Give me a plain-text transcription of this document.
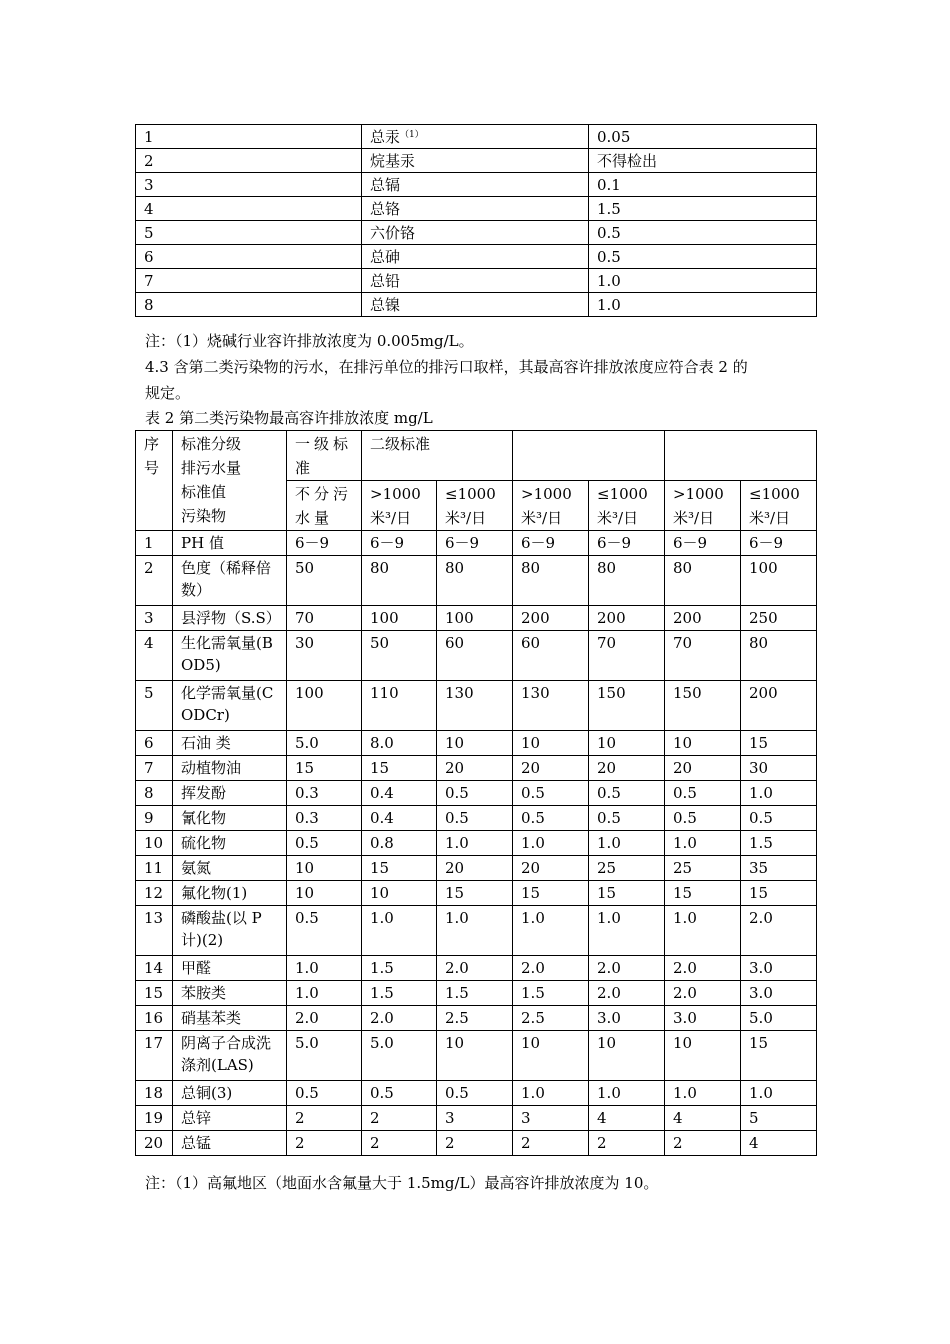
1	总汞$^{(1)}$	0.05
2	烷基汞	不得检出
3	总镉	0.1
4	总铬	1.5
5	六价铬	0.5
6	总砷	0.5
7	总铅	1.0
8	总镍	1.0
注：（1）烧碱行业容许排放浓度为 0.005mg/L。
4.3 含第二类污染物的污水，在排污单位的排污口取样，其最高容许排放浓度应符合表 2 的
规定。
表 2 第二类污染物最高容许排放浓度 mg/L
序号	标准分级
排污水量
标准值
污染物	一级标准	二级标准					

		不分污水量	>1000 米³/日	≤1000 米³/日	>1000 米³/日	≤1000 米³/日	>1000 米³/日	≤1000 米³/日

1	PH 值	6－9	6－9	6－9	6－9	6－9	6－9	6－9
2	色度（稀释倍数）	50	80	80	80	80	80	100
3	县浮物（S.S）	70	100	100	200	200	200	250
4	生化需氧量(BOD5)	30	50	60	60	70	70	80
5	化学需氧量(CODCr)	100	110	130	130	150	150	200
6	石油 类	5.0	8.0	10	10	10	10	15
7	动植物油	15	15	20	20	20	20	30
8	挥发酚	0.3	0.4	0.5	0.5	0.5	0.5	1.0
9	氰化物	0.3	0.4	0.5	0.5	0.5	0.5	0.5
10	硫化物	0.5	0.8	1.0	1.0	1.0	1.0	1.5
11	氨氮	10	15	20	20	25	25	35
12	氟化物(1)	10	10	15	15	15	15	15
13	磷酸盐(以 P 计)(2)	0.5	1.0	1.0	1.0	1.0	1.0	2.0
14	甲醛	1.0	1.5	2.0	2.0	2.0	2.0	3.0
15	苯胺类	1.0	1.5	1.5	1.5	2.0	2.0	3.0
16	硝基苯类	2.0	2.0	2.5	2.5	3.0	3.0	5.0
17	阴离子合成洗涤剂(LAS)	5.0	5.0	10	10	10	10	15
18	总铜(3)	0.5	0.5	0.5	1.0	1.0	1.0	1.0
19	总锌	2	2	3	3	4	4	5
20	总锰	2	2	2	2	2	2	4
注：（1）高氟地区（地面水含氟量大于 1.5mg/L）最高容许排放浓度为 10。
